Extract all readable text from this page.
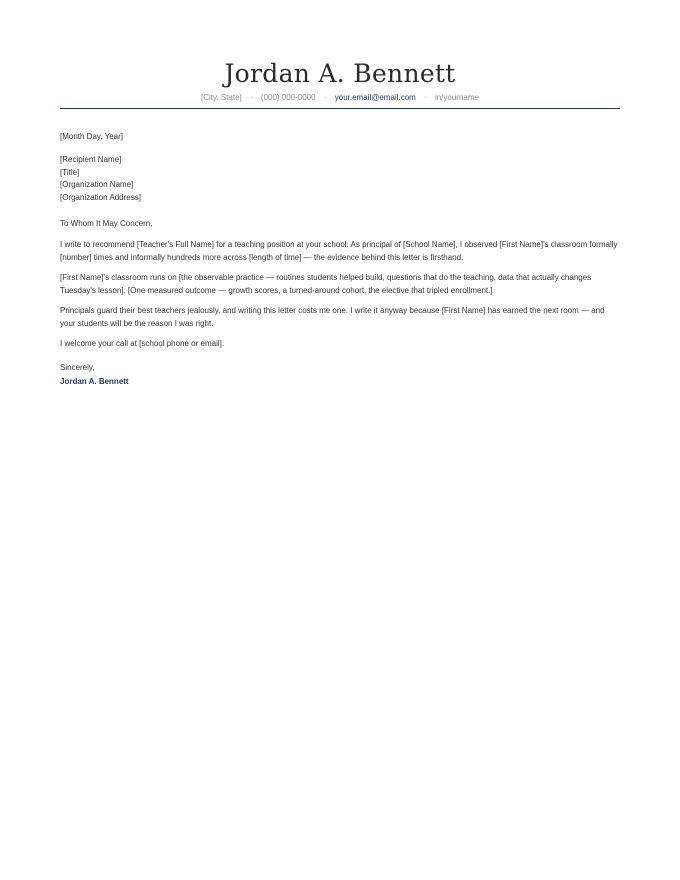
Jordan A. Bennett
[City, State] · (000) 000-0000 · your.email@email.com · in/yourname
[Month Day, Year]

[Recipient Name]

[Title]

[Organization Name]

[Organization Address]

To Whom It May Concern,
I write to recommend [Teacher's Full Name] for a teaching position at your school. As principal of [School Name], I observed [First Name]'s classroom formally [number] times and informally hundreds more across [length of time] — the evidence behind this letter is firsthand.
[First Name]'s classroom runs on [the observable practice — routines students helped build, questions that do the teaching, data that actually changes Tuesday's lesson]. [One measured outcome — growth scores, a turned-around cohort, the elective that tripled enrollment.]
Principals guard their best teachers jealously, and writing this letter costs me one. I write it anyway because [First Name] has earned the next room — and your students will be the reason I was right.
I welcome your call at [school phone or email].
Sincerely,
Jordan A. Bennett
